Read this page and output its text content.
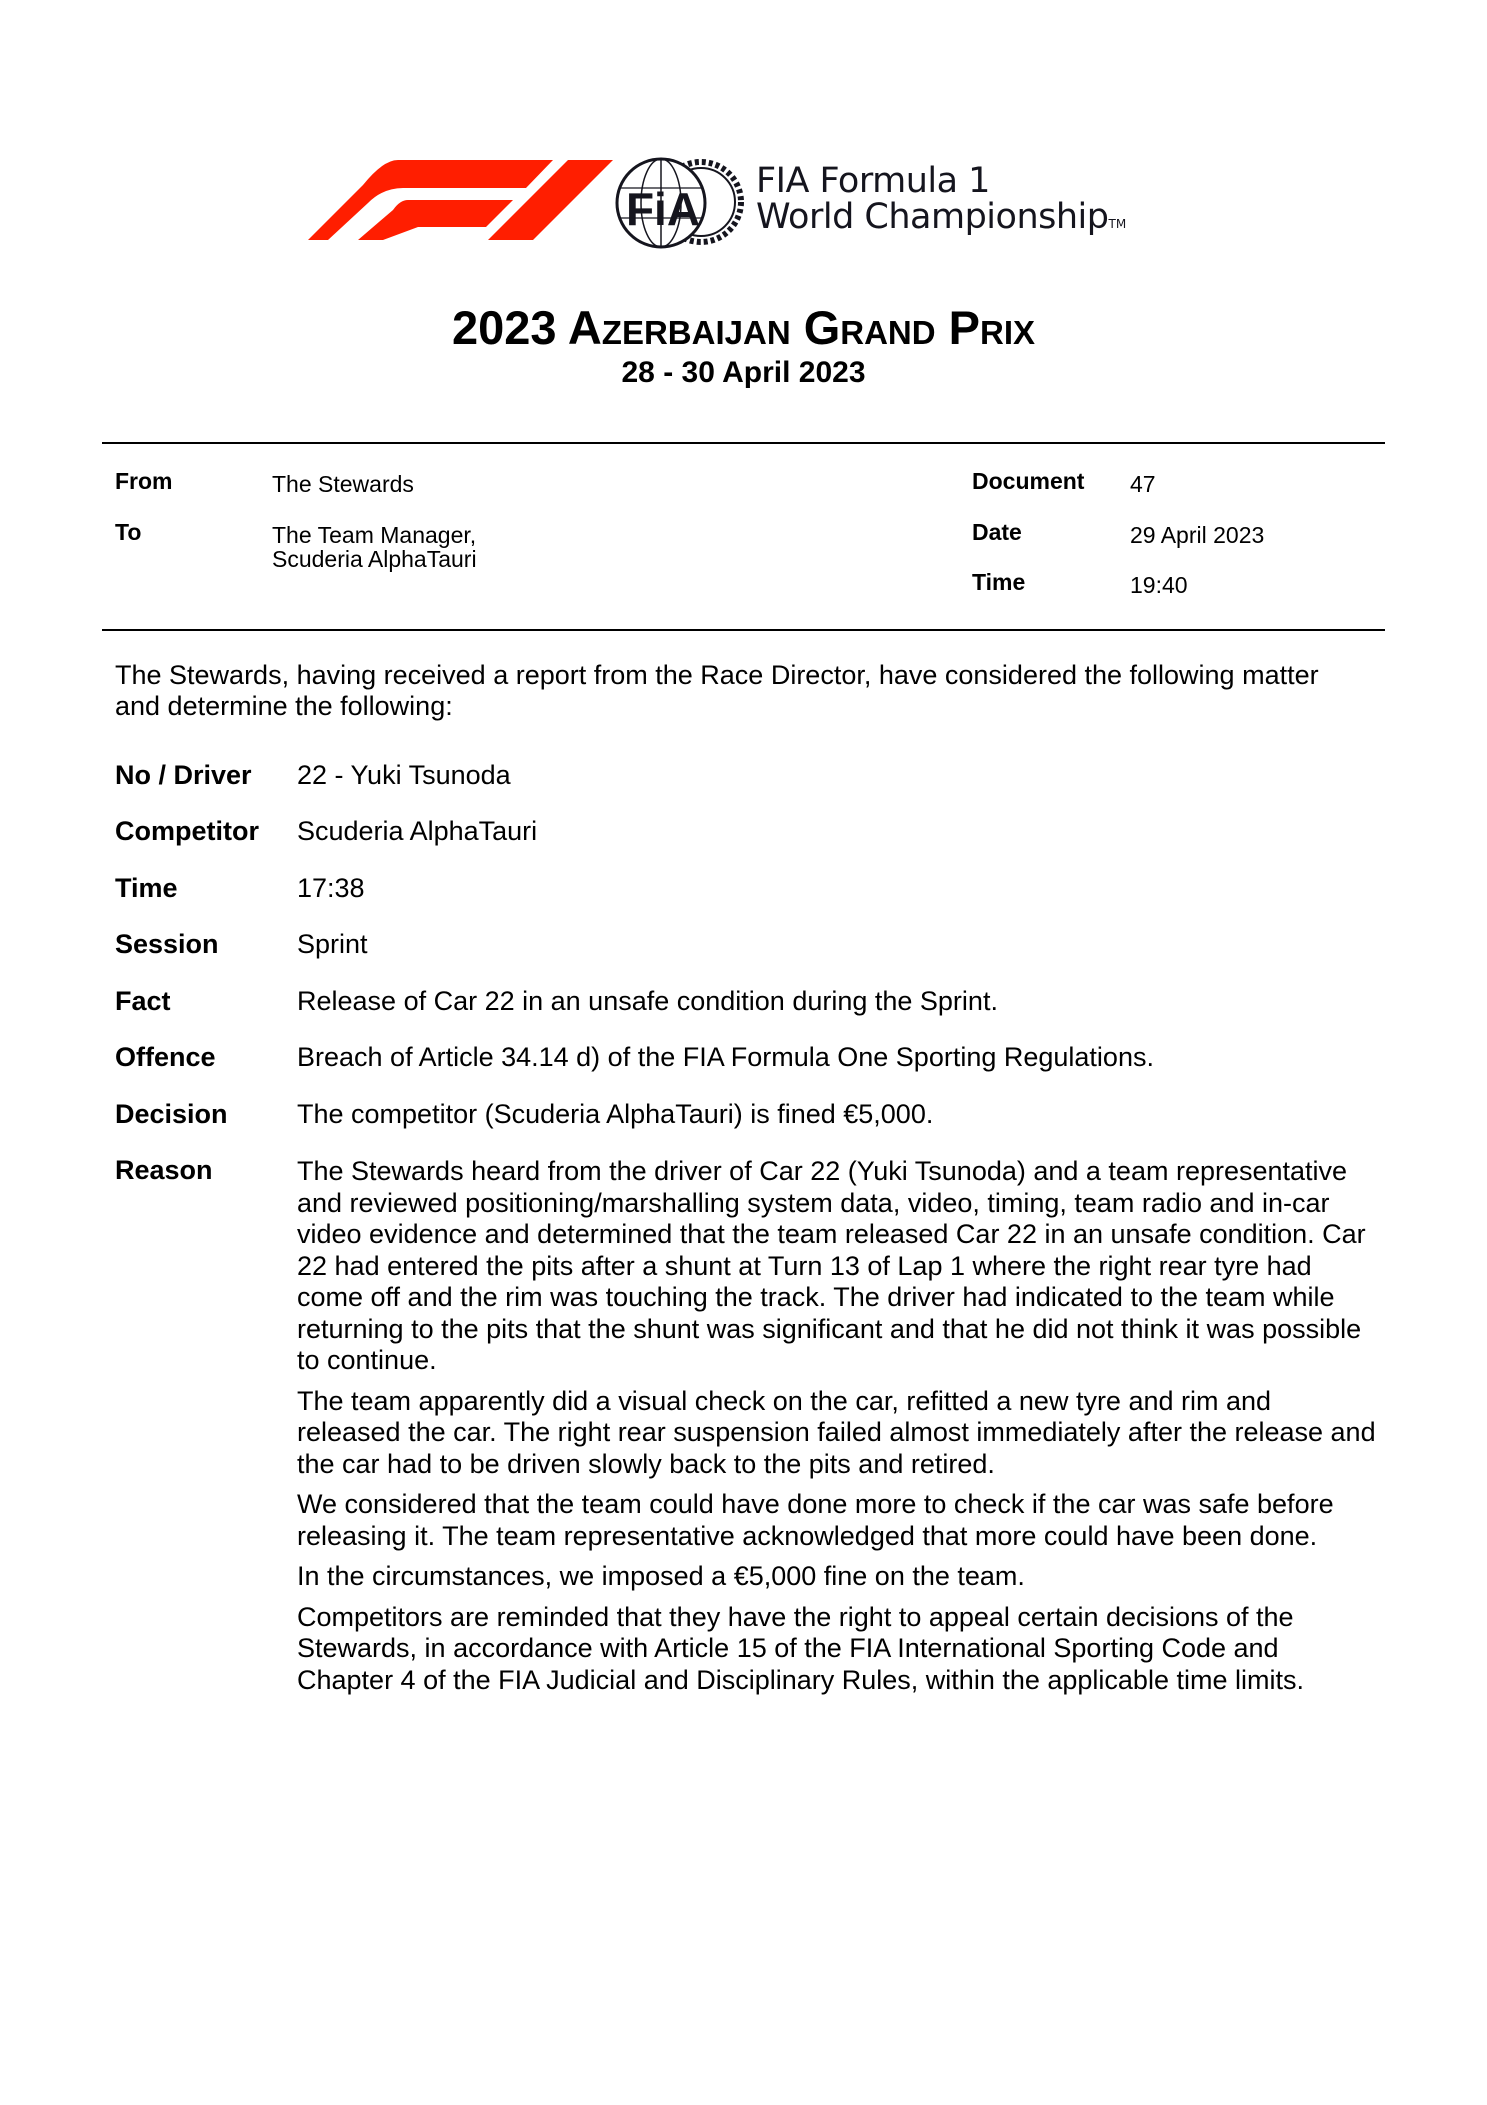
FiA
FIA Formula 1
World ChampionshipTM
2023 Azerbaijan Grand Prix
28 - 30 April 2023
From	The Stewards
To	The Team Manager,
Scuderia AlphaTauri
Document 47
Date	29 April 2023
Time	19:40
The Stewards, having received a report from the Race Director, have considered the following matter and determine the following:
No / Driver 22 - Yuki Tsunoda
Competitor Scuderia AlphaTauri
Time	17:38
Session	Sprint
Fact	Release of Car 22 in an unsafe condition during the Sprint.
Offence	Breach of Article 34.14 d) of the FIA Formula One Sporting Regulations.
Decision	The competitor (Scuderia AlphaTauri) is fined €5,000.
Reason	The Stewards heard from the driver of Car 22 (Yuki Tsunoda) and a team representative and reviewed positioning/marshalling system data, video, timing, team radio and in-car video evidence and determined that the team released Car 22 in an unsafe condition. Car 22 had entered the pits after a shunt at Turn 13 of Lap 1 where the right rear tyre had come off and the rim was touching the track. The driver had indicated to the team while returning to the pits that the shunt was significant and that he did not think it was possible to continue.

The team apparently did a visual check on the car, refitted a new tyre and rim and released the car. The right rear suspension failed almost immediately after the release and the car had to be driven slowly back to the pits and retired.

We considered that the team could have done more to check if the car was safe before releasing it. The team representative acknowledged that more could have been done.

In the circumstances, we imposed a €5,000 fine on the team.

Competitors are reminded that they have the right to appeal certain decisions of the Stewards, in accordance with Article 15 of the FIA International Sporting Code and Chapter 4 of the FIA Judicial and Disciplinary Rules, within the applicable time limits.
